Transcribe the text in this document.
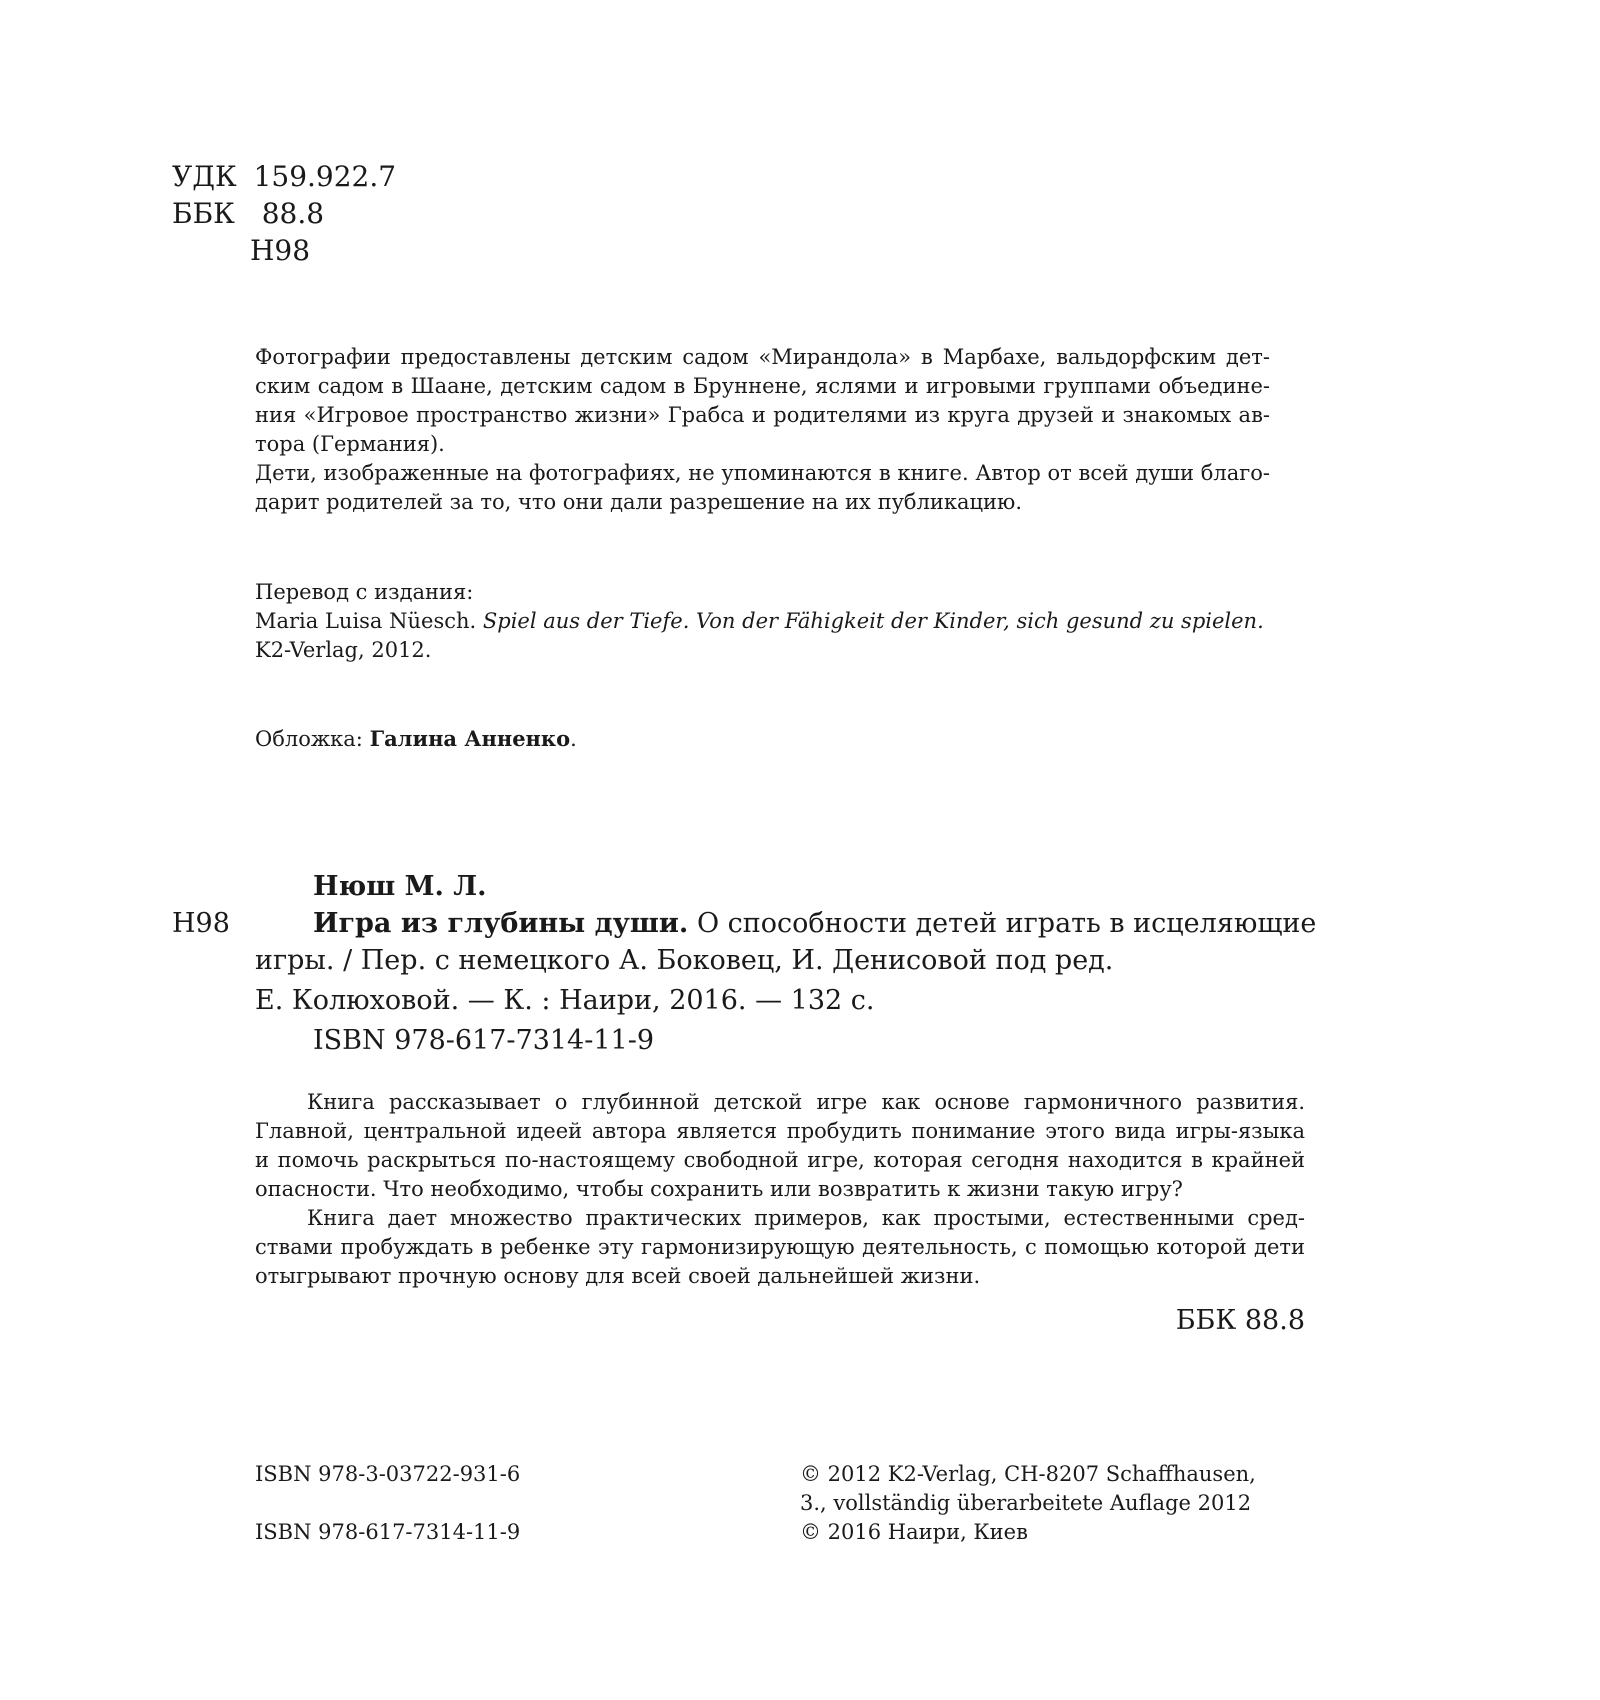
УДК 159.922.7
ББК 88.8
Н98
Фотографии предоставлены детским садом «Мирандола» в Марбахе, вальдорфским дет-
ским садом в Шаане, детским садом в Бруннене, яслями и игровыми группами объедине-
ния «Игровое пространство жизни» Грабса и родителями из круга друзей и знакомых ав-
тора (Германия).
Дети, изображенные на фотографиях, не упоминаются в книге. Автор от всей души благо-
дарит родителей за то, что они дали разрешение на их публикацию.
Перевод с издания:
Maria Luisa Nüesch. Spiel aus der Tiefe. Von der Fähigkeit der Kinder, sich gesund zu spielen.
K2-Verlag, 2012.
Обложка: Галина Анненко.
Нюш М. Л.
Н98	Игра из глубины души. О способности детей играть в исцеляющие
игры. / Пер. с немецкого А. Боковец, И. Денисовой под ред.
Е. Колюховой. — К. : Наири, 2016. — 132 с.
ISBN 978-617-7314-11-9
Книга рассказывает о глубинной детской игре как основе гармоничного развития.
Главной, центральной идеей автора является пробудить понимание этого вида игры-языка
и помочь раскрыться по-настоящему свободной игре, которая сегодня находится в крайней
опасности. Что необходимо, чтобы сохранить или возвратить к жизни такую игру?
Книга дает множество практических примеров, как простыми, естественными сред-
ствами пробуждать в ребенке эту гармонизирующую деятельность, с помощью которой дети
отыгрывают прочную основу для всей своей дальнейшей жизни.
ББК 88.8
ISBN 978-3-03722-931-6
ISBN 978-617-7314-11-9
© 2012 K2-Verlag, CH-8207 Schaffhausen,
3., vollständig überarbeitete Auflage 2012
© 2016 Наири, Киев
